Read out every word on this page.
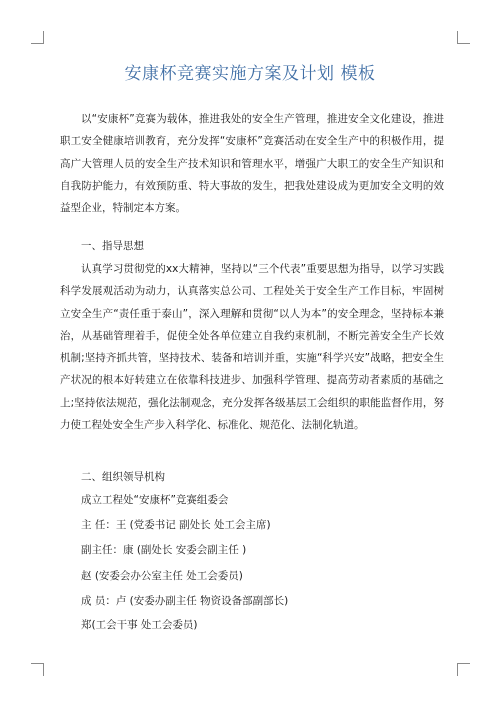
安康杯竞赛实施方案及计划 模板

以“安康杯”竞赛为载体，推进我处的安全生产管理，推进安全文化建设，推进职工安全健康培训教育，充分发挥“安康杯”竞赛活动在安全生产中的积极作用，提高广大管理人员的安全生产技术知识和管理水平，增强广大职工的安全生产知识和自我防护能力，有效预防重、特大事故的发生，把我处建设成为更加安全文明的效益型企业，特制定本方案。

一、指导思想

认真学习贯彻党的xx大精神，坚持以“三个代表”重要思想为指导，以学习实践科学发展观活动为动力，认真落实总公司、工程处关于安全生产工作目标，牢固树立安全生产“责任重于泰山”，深入理解和贯彻“以人为本”的安全理念，坚持标本兼治，从基础管理着手，促使全处各单位建立自我约束机制，不断完善安全生产长效机制;坚持齐抓共管，坚持技术、装备和培训并重，实施“科学兴安”战略，把安全生产状况的根本好转建立在依靠科技进步、加强科学管理、提高劳动者素质的基础之上;坚持依法规范，强化法制观念，充分发挥各级基层工会组织的职能监督作用，努力使工程处安全生产步入科学化、标准化、规范化、法制化轨道。

二、组织领导机构

成立工程处“安康杯”竞赛组委会

主 任：王 (党委书记 副处长 处工会主席)

副主任：康 (副处长 安委会副主任 )

赵 (安委会办公室主任 处工会委员)

成 员：卢 (安委办副主任 物资设备部副部长)

郑(工会干事 处工会委员)
